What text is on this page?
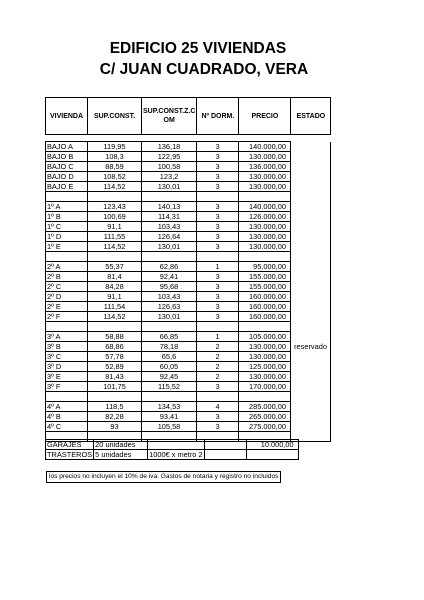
EDIFICIO 25 VIVIENDAS
C/ JUAN CUADRADO, VERA
VIVIENDA	SUP.CONST.	SUP.CONST.Z.C OM	Nº DORM.	PRECIO	ESTADO
BAJO A	119,95	136,18	3	140.000,00	
BAJO B	108,3	122,95	3	130.000,00	
BAJO C	88,59	100,58	3	136.000,00	
BAJO D	108,52	123,2	3	130.000,00	
BAJO E	114,52	130,01	3	130.000,00	

1º A	123,43	140,13	3	140.000,00	
1º B	100,69	114,31	3	126.000,00	
1º C	91,1	103,43	3	130.000,00	
1º D	111,55	126,64	3	130.000,00	
1º E	114,52	130,01	3	130.000,00	

2º A	55,37	62,86	1	95.000,00	
2º B	81,4	92,41	3	155.000,00	
2º C	84,28	95,68	3	155.000,00	
2º D	91,1	103,43	3	160.000,00	
2º E	111,54	126,63	3	160.000,00	
2º F	114,52	130,01	3	160.000,00	

3º A	58,88	66,85	1	105.000,00	
3º B	68,86	78,18	2	130.000,00	reservado
3º C	57,78	65,6	2	130.000,00	
3º D	52,89	60,05	2	125.000,00	
3º E	81,43	92,45	2	130.000,00	
3º F	101,75	115,52	3	170.000,00	

4º A	118,5	134,53	4	285.000,00	
4º B	82,28	93,41	3	265.000,00	
4º C	93	105,58	3	275.000,00	

GARAJES	20 unidades			10.000,00
TRASTEROS	5 unidades	1000€ x metro 2		
los precios no incluyen el 10% de iva. Gastos de notaria y registro no incluidos
